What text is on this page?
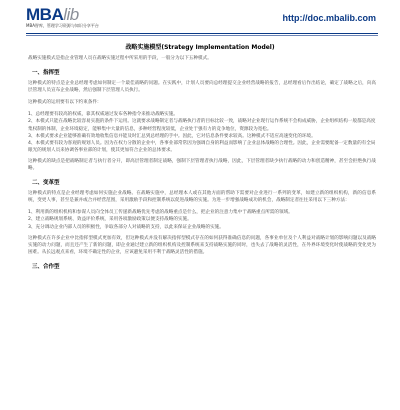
MBAlib
MBA智库，管理学习资源与知识分享平台
http://doc.mbalib.com
战略实施模型(Strategy Implementation Model)

战略实施模式是指企业管理人员在战略实施过程中所采用的手段，一般分为以下五种模式。

一、指挥型

这种模式的特点是企业总经理考虑如何制定一个最佳战略的问题。在实践中，计划人员要向总经理提交企业经营战略的报告，总经理看后作出结论，确定了战略之后，向高层管理人员宣布企业战略，然后强制下层管理人员执行。

这种模式的运用要有以下约束条件：

1、总经理要有较高的权威，靠其权威通过发布各种指令来推动战略实施。

2、本模式只能在战略比较容易实施的条件下运用。这就要求战略制定者与战略执行者的目标比较一致，战略对企业现行运作系统不会构成威胁，企业组织结构一般都是高度集权制的体制，企业环境稳定，能够集中大量的信息，多种经营程度较低，企业处于强有力的竞争地位，资源较为宽松。

3、本模式要求企业能够准确有效地收集信息并能及时汇总到总经理的手中。因此，它对信息条件要求较高。这种模式不适应高速变化的环境。

4、本模式要有较为客观的规划人员。因为在权力分散的企业中，各事业部常常因为强调自身的利益而影响了企业总体战略的合理性。因此，企业需要配备一定数量的有全局眼光的规划人员来协调各事业部的计划，使其更加符合企业的总体要求。

这种模式的缺点是把战略制定者与执行者分开，即高层管理者制定战略，强制下层管理者执行战略，因此，下层管理者缺少执行战略的动力和创造精神，甚至会拒绝执行战略。

二、变革型

这种模式的特点是企业经理考虑如何实施企业战略。在战略实施中，总经理本人或在其他方面的帮助下需要对企业进行一系列的变革，如建立新的组织机构，新的信息系统，变更人事，甚至是兼并或合并经营范围，采用激励手段和控制系统以促进战略的实施。为进一步增强战略成功的机会，战略制定者往往采用以下三种方法：

1、利用新的组织机构和参谋人员向全体员工传递新战略优先考虑的战略重点是什么，把企业的注意力集中于战略重点所需的领域。

2、建立战略规划系统、效益评价系统，采用各项激励政策以便支持战略的实施。

3、充分调动企业内部人员的积极性，争取各部分人对战略的支持，以此来保证企业战略的实施。

这种模式在许多企业中比指挥型模式更加有效，但这种模式并没有解决指挥型模式存在的如何获得准确信息的问题，各事业单位及个人利益对战略计划的影响问题以及战略实施的动力问题，而且还产生了新的问题，即企业通过建立新的组织机构及控制系统来支持战略实施的同时，也失去了战略的灵活性，在外界环境变化时使战略的变化更为困难。从长远观点来看，环境不确定性的企业，应该避免采用不利于战略灵活性的措施。

三、合作型
